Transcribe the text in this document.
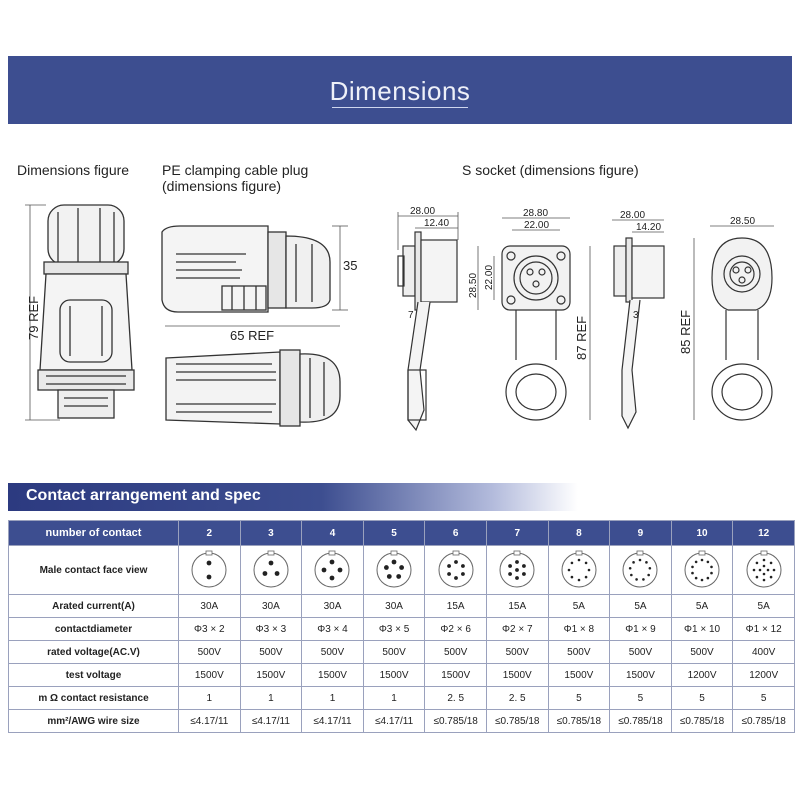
Dimensions
Dimensions figure PE clamping cable plug
(dimensions figure)
S socket (dimensions figure)
79 REF
35
65 REF
28.00
12.40
7
28.80
22.00
28.50 22.00
87 REF
28.00
14.20
3
28.50
85 REF
Contact arrangement and spec
number of contact	2	3	4	5	6	7	8	9	10	12
Male contact face view										
Arated current(A)	30A	30A	30A	30A	15A	15A	5A	5A	5A	5A
contactdiameter	Φ3 × 2	Φ3 × 3	Φ3 × 4	Φ3 × 5	Φ2 × 6	Φ2 × 7	Φ1 × 8	Φ1 × 9	Φ1 × 10	Φ1 × 12
rated voltage(AC.V)	500V	500V	500V	500V	500V	500V	500V	500V	500V	400V
test voltage	1500V	1500V	1500V	1500V	1500V	1500V	1500V	1500V	1200V	1200V
m Ω contact resistance	1	1	1	1	2. 5	2. 5	5	5	5	5
mm²/AWG wire size	≤4.17/11	≤4.17/11	≤4.17/11	≤4.17/11	≤0.785/18	≤0.785/18	≤0.785/18	≤0.785/18	≤0.785/18	≤0.785/18
